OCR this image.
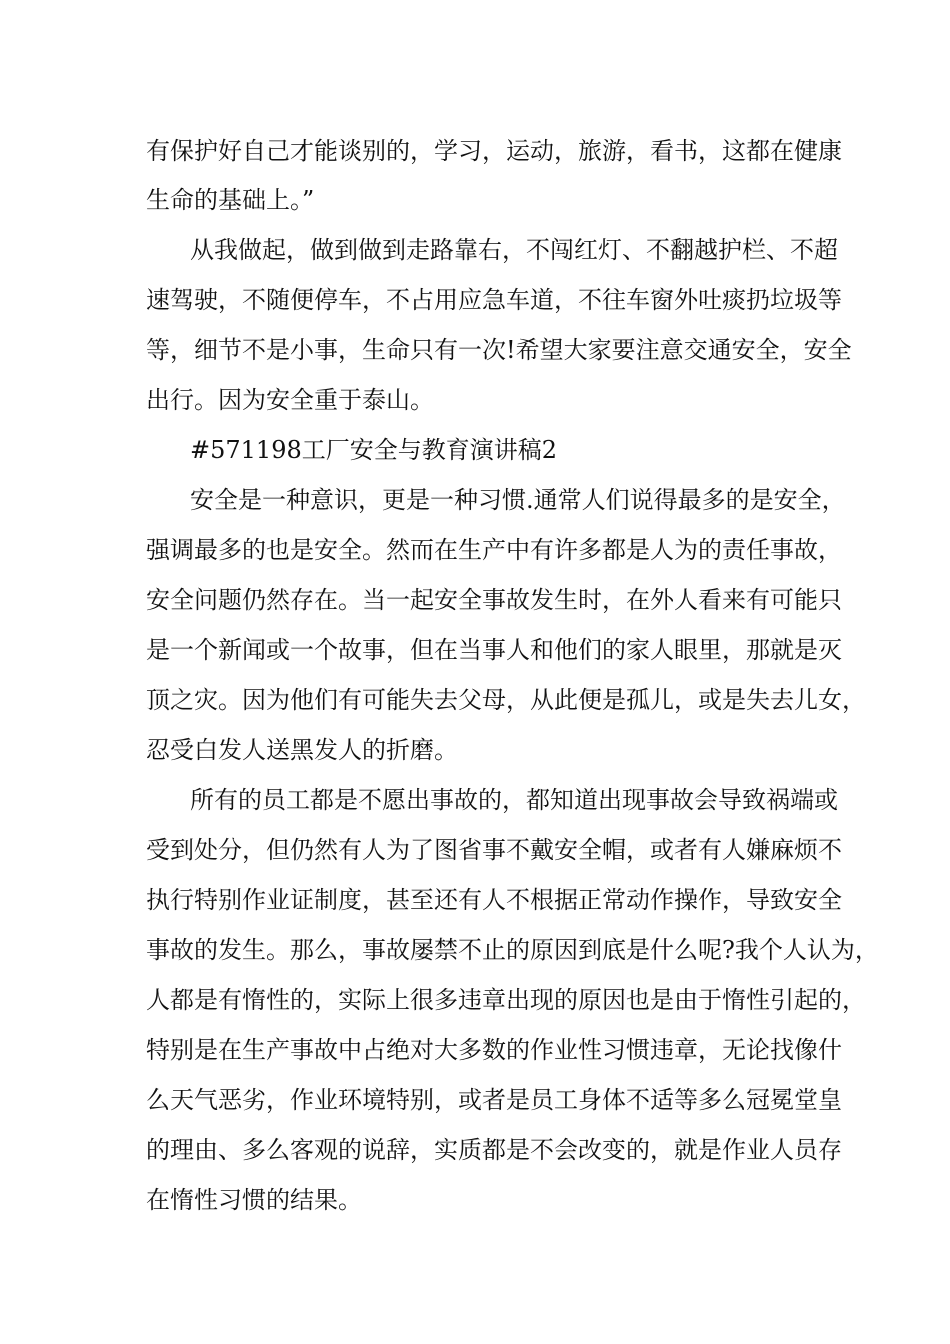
有保护好自己才能谈别的，学习，运动，旅游，看书，这都在健康
生命的基础上。”
从我做起，做到做到走路靠右，不闯红灯、不翻越护栏、不超
速驾驶，不随便停车，不占用应急车道，不往车窗外吐痰扔垃圾等
等，细节不是小事，生命只有一次!希望大家要注意交通安全，安全
出行。因为安全重于泰山。
#571198工厂安全与教育演讲稿2
安全是一种意识，更是一种习惯.通常人们说得最多的是安全，
强调最多的也是安全。然而在生产中有许多都是人为的责任事故，
安全问题仍然存在。当一起安全事故发生时，在外人看来有可能只
是一个新闻或一个故事，但在当事人和他们的家人眼里，那就是灭
顶之灾。因为他们有可能失去父母，从此便是孤儿，或是失去儿女，
忍受白发人送黑发人的折磨。
所有的员工都是不愿出事故的，都知道出现事故会导致祸端或
受到处分，但仍然有人为了图省事不戴安全帽，或者有人嫌麻烦不
执行特别作业证制度，甚至还有人不根据正常动作操作，导致安全
事故的发生。那么，事故屡禁不止的原因到底是什么呢?我个人认为，
人都是有惰性的，实际上很多违章出现的原因也是由于惰性引起的，
特别是在生产事故中占绝对大多数的作业性习惯违章，无论找像什
么天气恶劣，作业环境特别，或者是员工身体不适等多么冠冕堂皇
的理由、多么客观的说辞，实质都是不会改变的，就是作业人员存
在惰性习惯的结果。
